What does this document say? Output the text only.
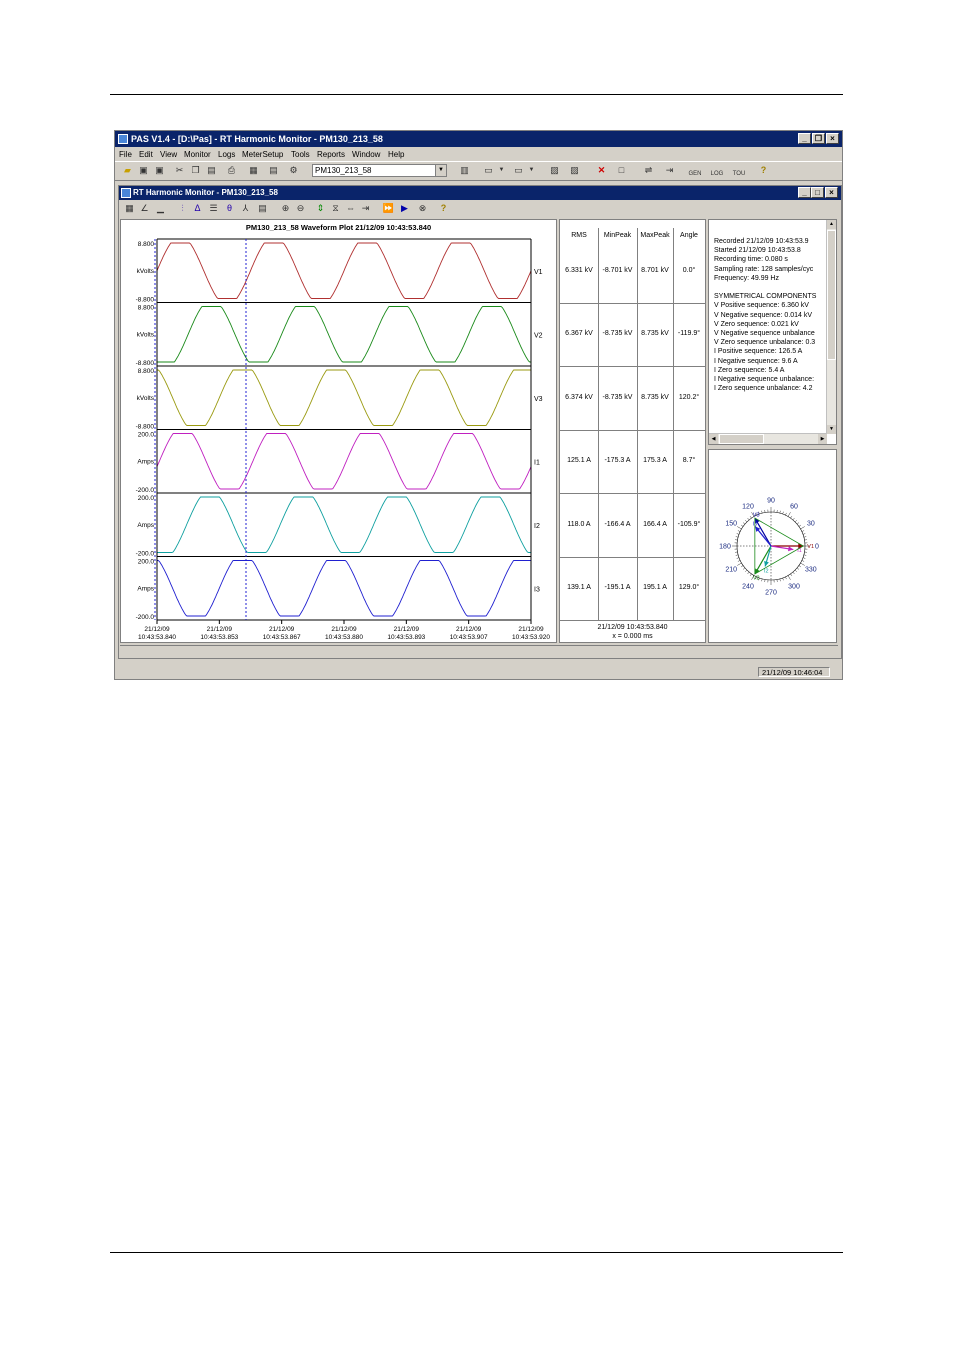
PAS V1.4 - [D:\Pas] - RT Harmonic Monitor - PM130_213_58	_	❐	×
File Edit View Monitor Logs MeterSetup Tools Reports Window Help
▰ ▣ ▣	✂ ❐ ▤	⎙	▦ ▤ ⚙	PM130_213_58	▼ ▥ ▭ ▼	▭ ▼	▨ ▨	✕	□	⇌	⇥	GEN LOG TOU	?
RT Harmonic Monitor - PM130_213_58	_	□	×
▦ ∠ ▁	⫶	Δ ☰	θ	⅄	▤	⊕ ⊖	⇕ ⧖ ⇔ ⇥	⏩ ▶	⊗	?
PM130_213_58 Waveform Plot 21/12/09 10:43:53.840
8.800
kVolts
-8.800
V1
8.800
kVolts
-8.800
V2
8.800
kVolts
-8.800
V3
200.0
Amps
-200.0
I1
200.0
Amps
-200.0
I2
200.0
Amps
-200.0
I3
21/12/09
10:43:53.840
21/12/09
10:43:53.853
21/12/09
10:43:53.867
21/12/09
10:43:53.880
21/12/09
10:43:53.893
21/12/09
10:43:53.907
21/12/09
10:43:53.920
RMS	MinPeak	MaxPeak	Angle
6.331 kV	-8.701 kV	8.701 kV	0.0°
6.367 kV	-8.735 kV	8.735 kV	-119.9°
6.374 kV	-8.735 kV	8.735 kV	120.2°
125.1 A	-175.3 A	175.3 A	8.7°
118.0 A	-166.4 A	166.4 A	-105.9°
139.1 A	-195.1 A	195.1 A	129.0°
21/12/09 10:43:53.840
x = 0.000 ms
Recorded 21/12/09 10:43:53.9
Started 21/12/09 10:43:53.8
Recording time: 0.080 s
Sampling rate: 128 samples/cyc
Frequency: 49.99 Hz

SYMMETRICAL COMPONENTS
V Positive sequence: 6.360 kV
V Negative sequence: 0.014 kV
V Zero sequence: 0.021 kV
V Negative sequence unbalance
V Zero sequence unbalance: 0.3
I Positive sequence: 126.5 A
I Negative sequence: 9.6 A
I Zero sequence: 5.4 A
I Negative sequence unbalance:
I Zero sequence unbalance: 4.2
▲
▼
◀	▶
0
30
60
90
120
150
180
210
240
270
300
330
V1
V2
V3
I1
I2
I3
21/12/09 10:46:04
